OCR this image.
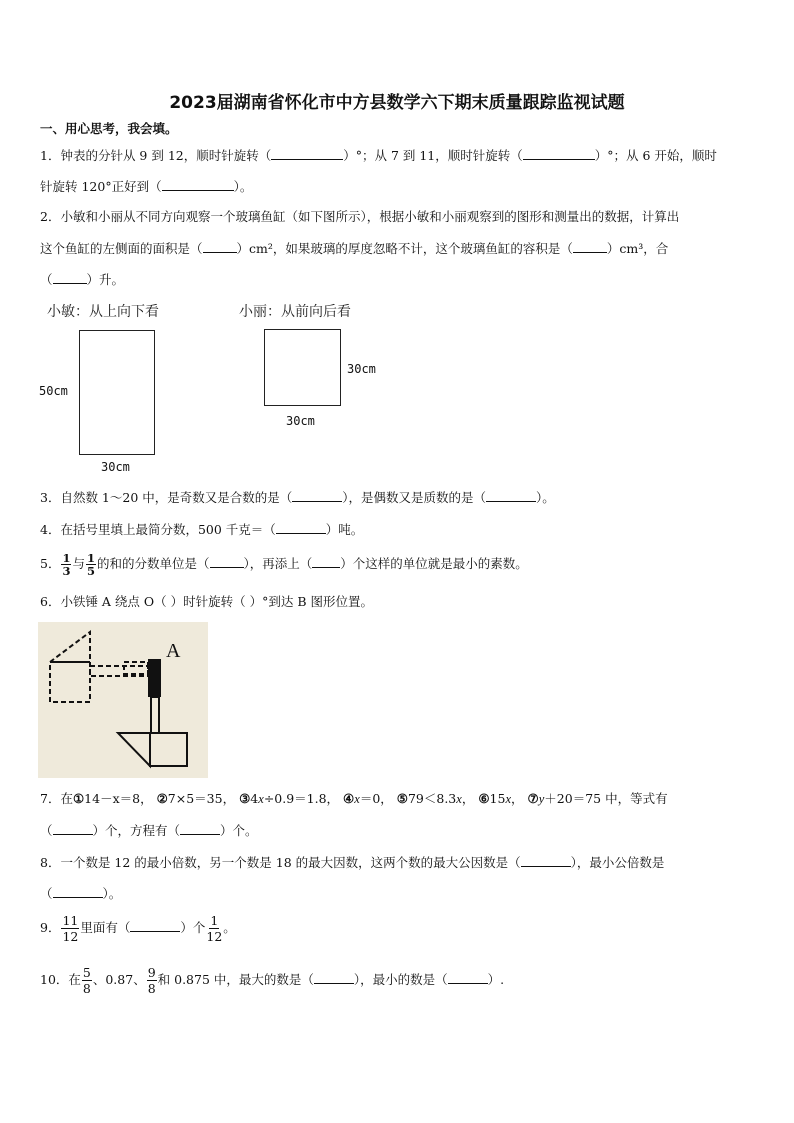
2023届湖南省怀化市中方县数学六下期末质量跟踪监视试题
一、用心思考，我会填。
1．钟表的分针从 9 到 12，顺时针旋转（	）°；从 7 到 11，顺时针旋转（	）°；从 6 开始，顺时
针旋转 120°正好到（	）。
2．小敏和小丽从不同方向观察一个玻璃鱼缸（如下图所示），根据小敏和小丽观察到的图形和测量出的数据，计算出
这个鱼缸的左侧面的面积是（	）cm²，如果玻璃的厚度忽略不计，这个玻璃鱼缸的容积是（	）cm³，合
（	）升。
小敏：从上向下看	小丽：从前向后看
50cm
30cm
30cm
30cm
3．自然数 1～20 中，是奇数又是合数的是（	），是偶数又是质数的是（	）。
4．在括号里填上最简分数，500 千克＝（	）吨。
5． $\frac{1}{3}$ 与 $\frac{1}{5}$ 的和的分数单位是（	），再添上（ ）个这样的单位就是最小的素数。
6．小铁锤 A 绕点 O（ ）时针旋转（ ）°到达 B 图形位置。
A
7．在①14－x＝8， ②7×5＝35， ③4x÷0.9＝1.8， ④x＝0， ⑤79＜8.3x， ⑥15x， ⑦y＋20＝75 中，等式有
（	）个，方程有（	）个。
8．一个数是 12 的最小倍数，另一个数是 18 的最大因数，这两个数的最大公因数是（	），最小公倍数是
（	）。
9． $\frac{11}{12}$ 里面有（	）个 $\frac{1}{12}$ 。
10．在 $\frac{5}{8}$ 、0.87、 $\frac{9}{8}$ 和 0.875 中，最大的数是（	），最小的数是（	）.
